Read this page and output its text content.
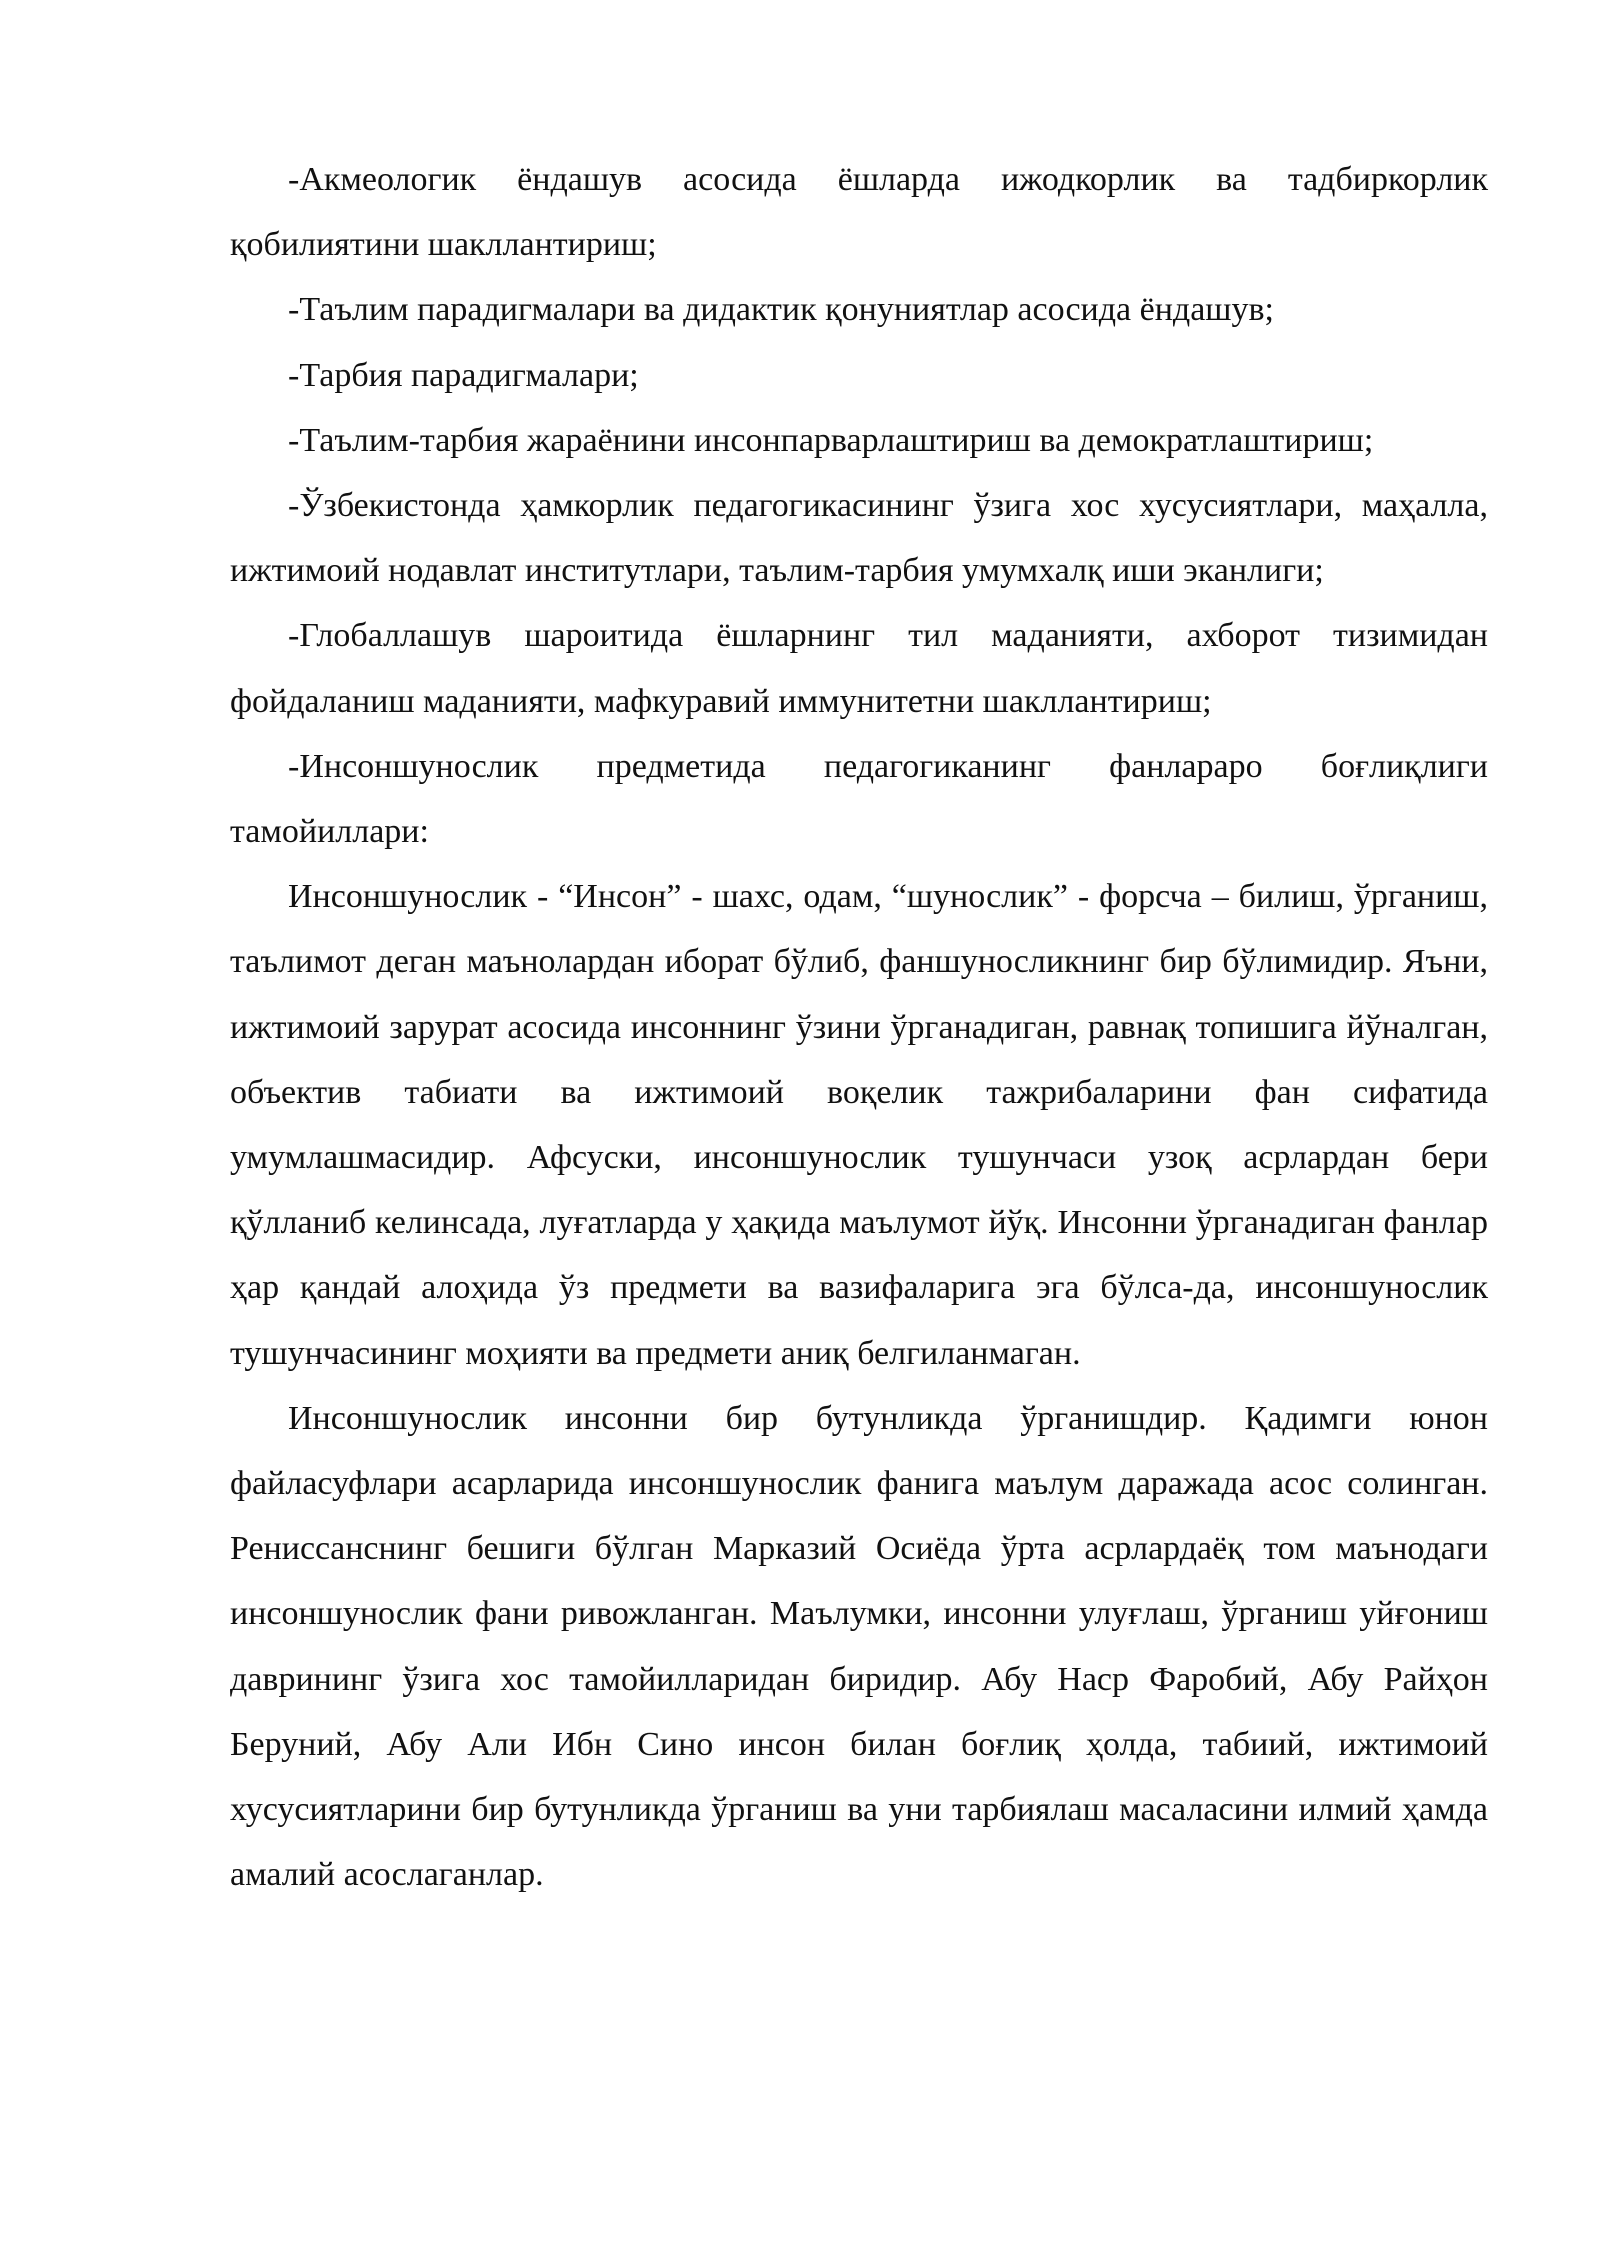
-Акмеологик ёндашув асосида ёшларда ижодкорлик ва тадбиркорлик қобилиятини шакллантириш;

-Таълим парадигмалари ва дидактик қонуниятлар асосида ёндашув;

-Тарбия парадигмалари;

-Таълим-тарбия жараёнини инсонпарварлаштириш ва демократлаштириш;

-Ўзбекистонда ҳамкорлик педагогикасининг ўзига хос хусусиятлари, маҳалла, ижтимоий нодавлат институтлари, таълим-тарбия умумхалқ иши эканлиги;

-Глобаллашув шароитида ёшларнинг тил маданияти, ахборот тизимидан фойдаланиш маданияти, мафкуравий иммунитетни шакллантириш;

-Инсоншунослик предметида педагогиканинг фанлараро боғлиқлиги тамойиллари:

Инсоншунослик - “Инсон” - шахс, одам, “шунослик” - форсча – билиш, ўрганиш, таълимот деган маънолардан иборат бўлиб, фаншуносликнинг бир бўлимидир. Яъни, ижтимоий зарурат асосида инсоннинг ўзини ўрганадиган, равнақ топишига йўналган, объектив табиати ва ижтимоий воқелик тажрибаларини фан сифатида умумлашмасидир. Афсуски, инсоншунослик тушунчаси узоқ асрлардан бери қўлланиб келинсада, луғатларда у ҳақида маълумот йўқ. Инсонни ўрганадиган фанлар ҳар қандай алоҳида ўз предмети ва вазифаларига эга бўлса-да, инсоншунослик тушунчасининг моҳияти ва предмети аниқ белгиланмаган.

Инсоншунослик инсонни бир бутунликда ўрганишдир. Қадимги юнон файласуфлари асарларида инсоншунослик фанига маълум даражада асос солинган. Ренисcанснинг бешиги бўлган Марказий Осиёда ўрта асрлардаёқ том маънодаги инсоншунослик фани ривожланган. Маълумки, инсонни улуғлаш, ўрганиш уйғониш даврининг ўзига хос тамойилларидан биридир. Абу Наср Фаробий, Абу Райҳон Беруний, Абу Али Ибн Сино инсон билан боғлиқ ҳолда, табиий, ижтимоий хусусиятларини бир бутунликда ўрганиш ва уни тарбиялаш масаласини илмий ҳамда амалий асослаганлар.
